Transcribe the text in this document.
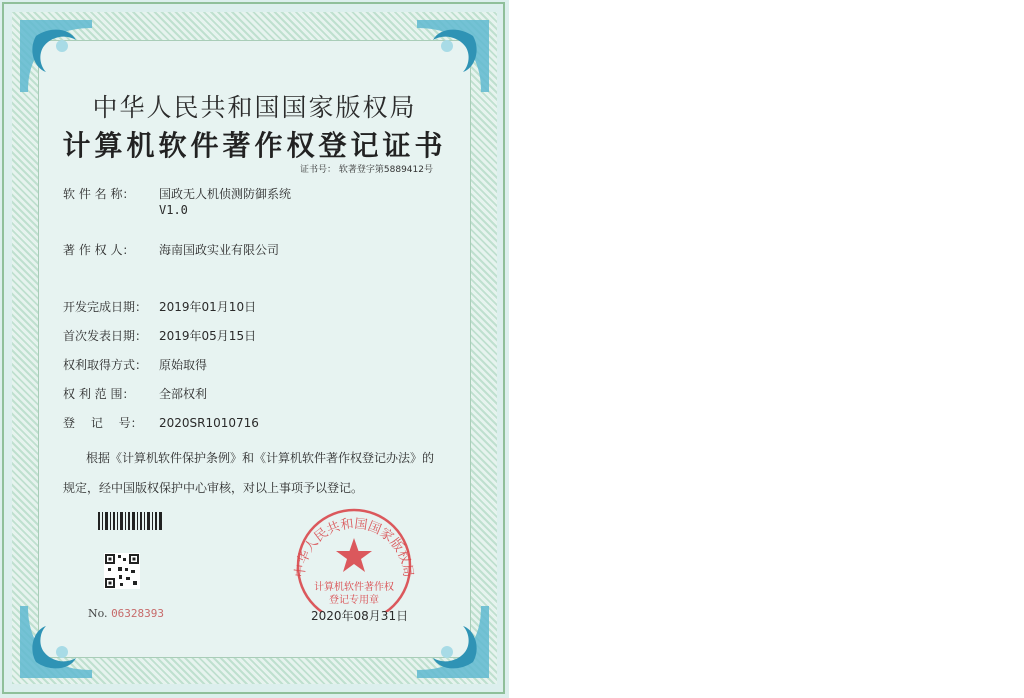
中华人民共和国国家版权局
计算机软件著作权登记证书
证书号： 软著登字第5889412号
软 件 名 称： 国政无人机侦测防御系统
V1.0
著 作 权 人： 海南国政实业有限公司
开发完成日期： 2019年01月10日
首次发表日期： 2019年05月15日
权利取得方式： 原始取得
权 利 范 围： 全部权利
登　 记　 号： 2020SR1010716
根据《计算机软件保护条例》和《计算机软件著作权登记办法》的
规定，经中国版权保护中心审核，对以上事项予以登记。
No. 06328393
中华人民共和国国家版权局
计算机软件著作权
登记专用章
2020年08月31日
